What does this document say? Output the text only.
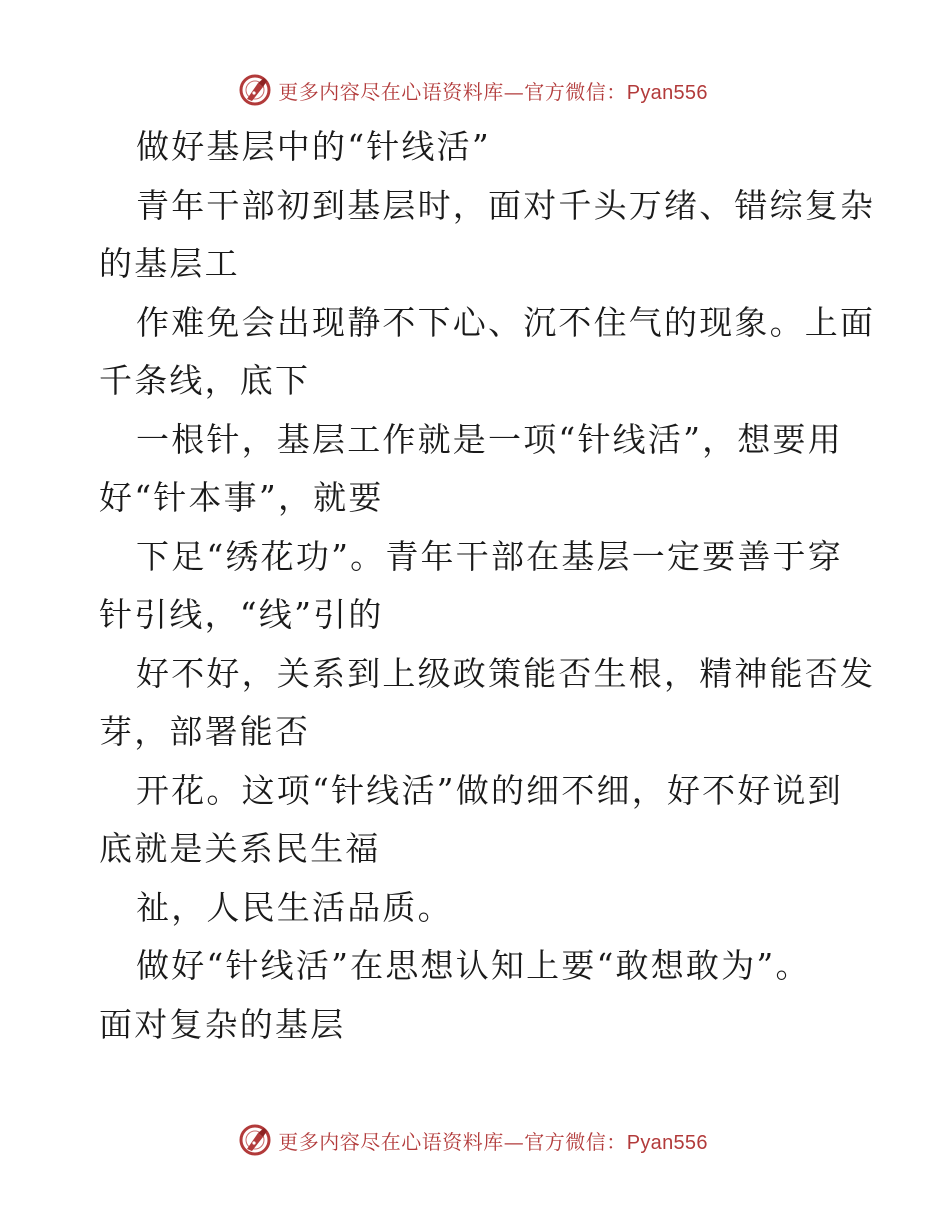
更多内容尽在心语资料库—官方微信：Pyan556
做好基层中的“针线活”
青年干部初到基层时，面对千头万绪、错综复杂
的基层工
作难免会出现静不下心、沉不住气的现象。上面
千条线，底下
一根针，基层工作就是一项“针线活”，想要用
好“针本事”，就要
下足“绣花功”。青年干部在基层一定要善于穿
针引线，“线”引的
好不好，关系到上级政策能否生根，精神能否发
芽，部署能否
开花。这项“针线活”做的细不细，好不好说到
底就是关系民生福
祉，人民生活品质。
做好“针线活”在思想认知上要“敢想敢为”。
面对复杂的基层
更多内容尽在心语资料库—官方微信：Pyan556
